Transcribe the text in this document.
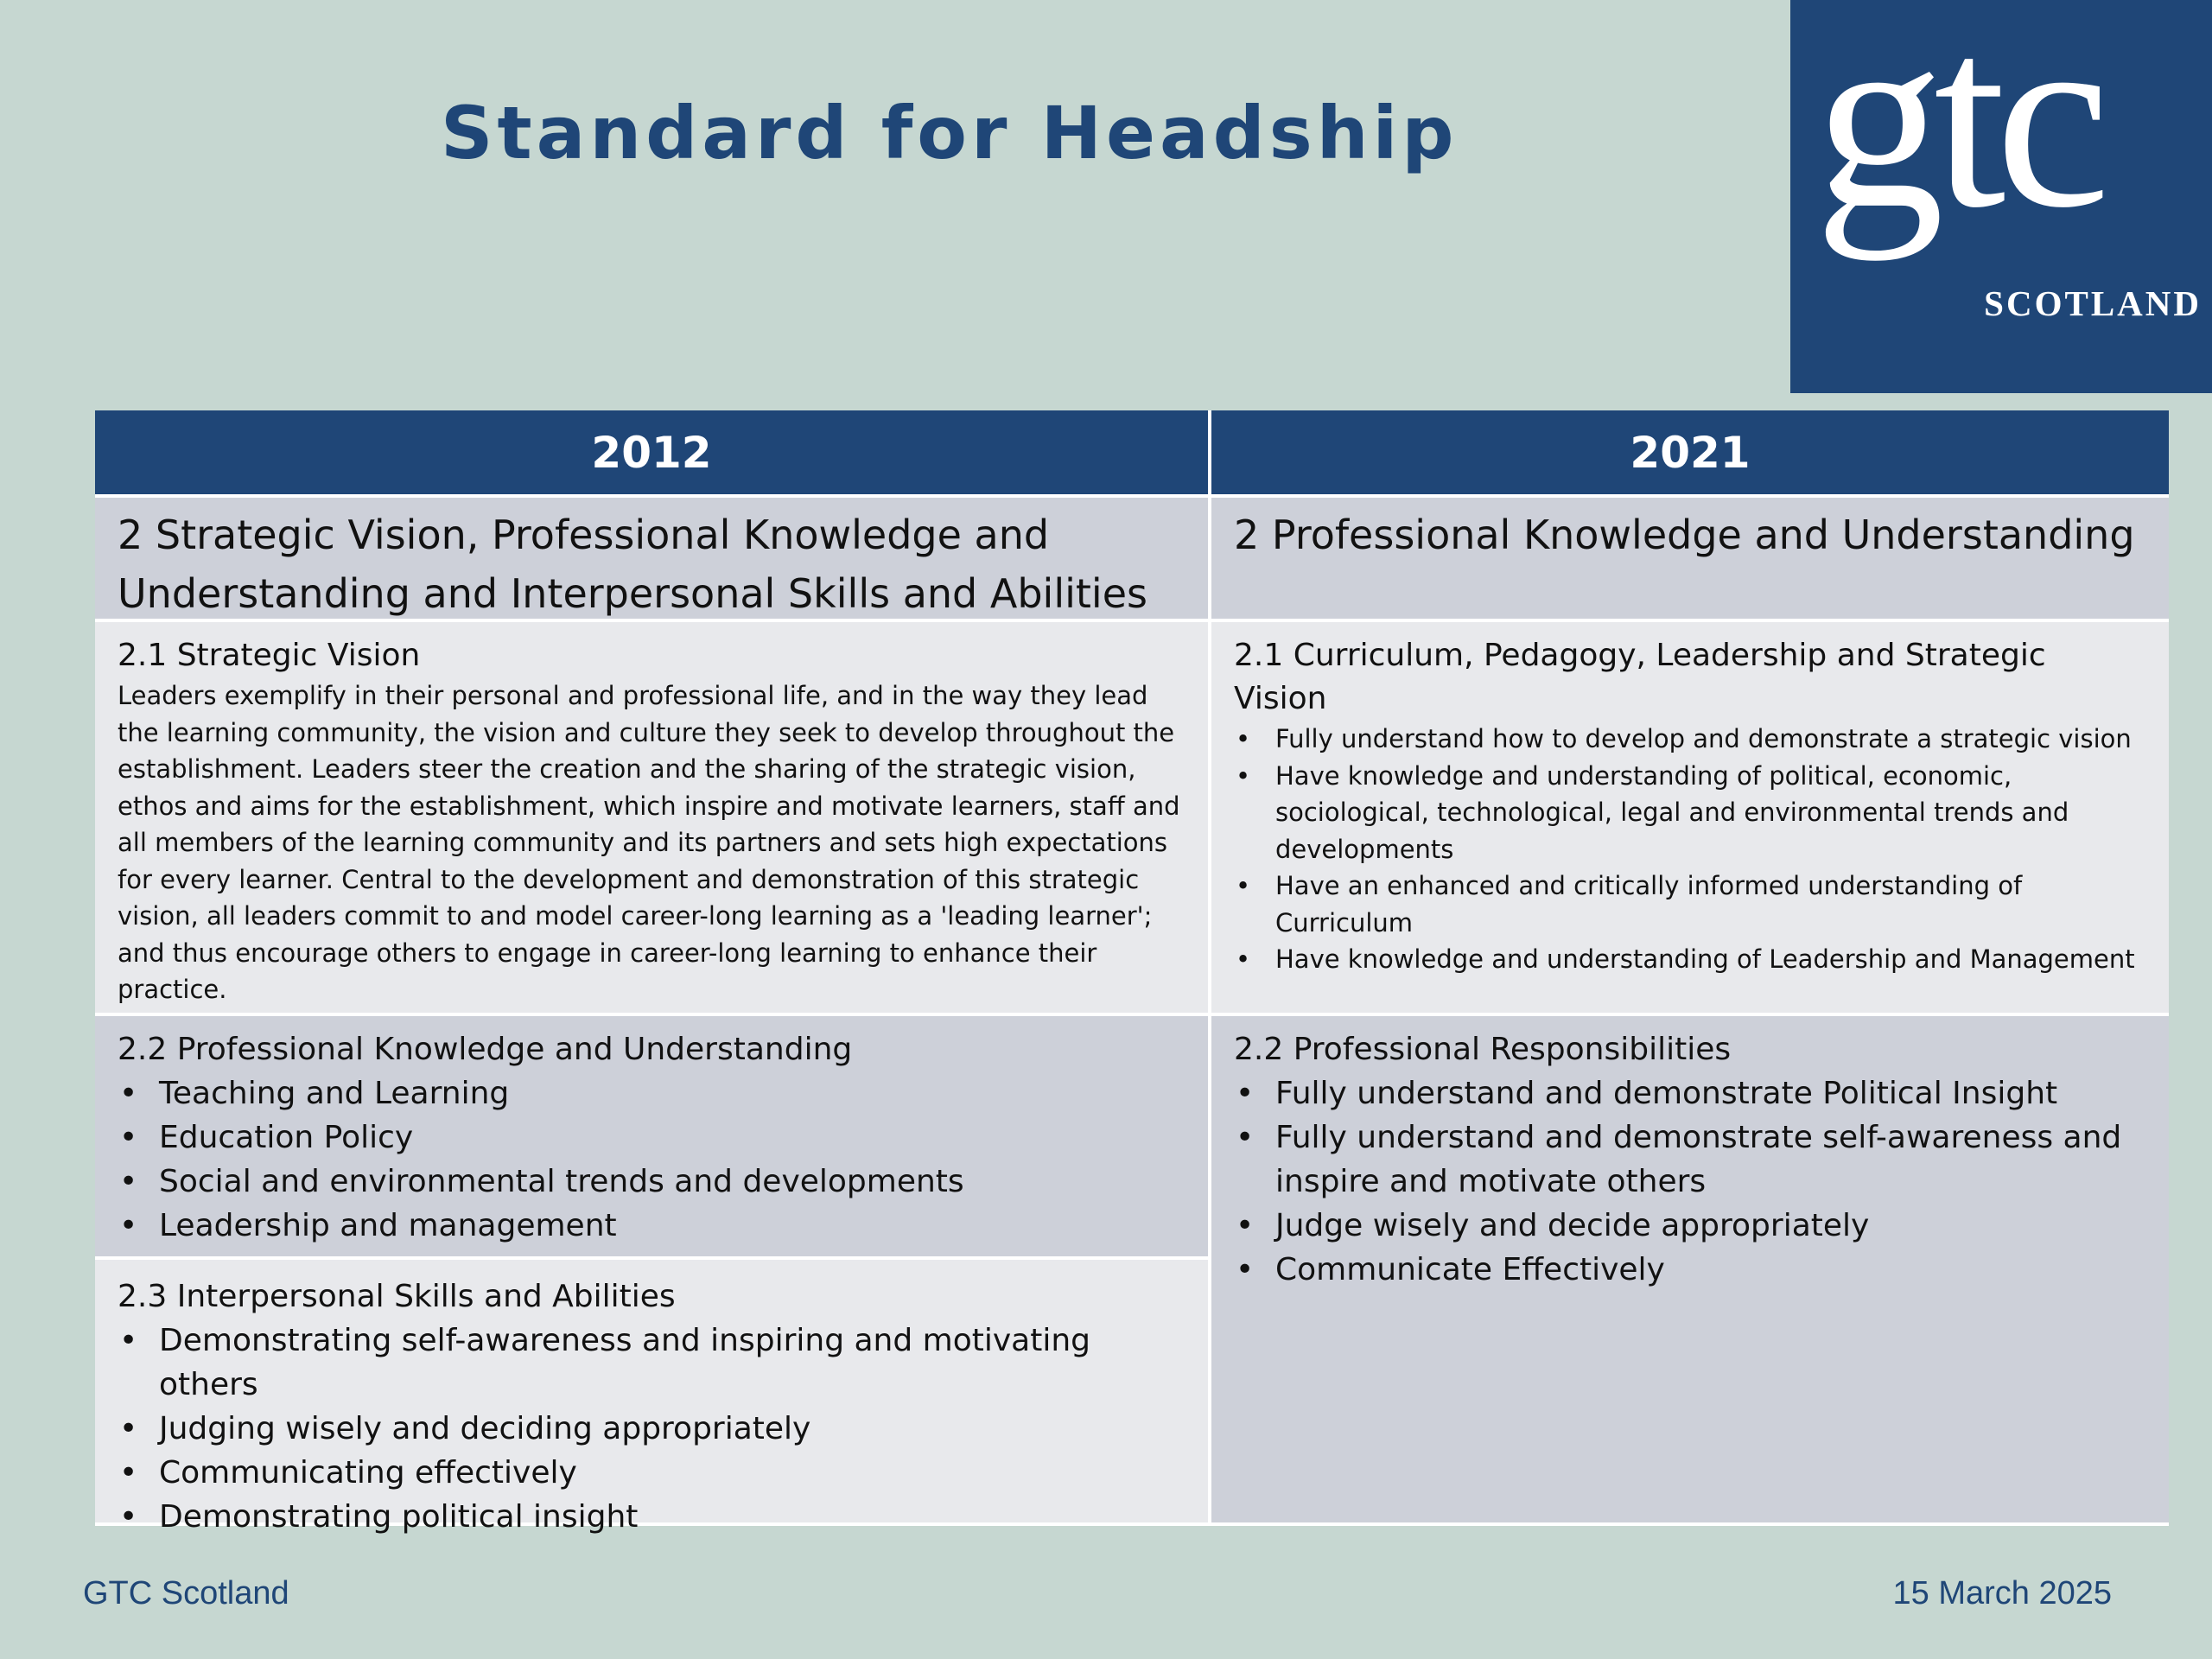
Standard for Headship gtc
SCOTLAND
2012	2021

2 Strategic Vision, Professional Knowledge and Understanding and Interpersonal Skills and Abilities

2 Professional Knowledge and Understanding

2.1 Strategic Vision

Leaders exemplify in their personal and professional life, and in the way they lead the learning community, the vision and culture they seek to develop throughout the establishment. Leaders steer the creation and the sharing of the strategic vision, ethos and aims for the establishment, which inspire and motivate learners, staff and all members of the learning community and its partners and sets high expectations for every learner. Central to the development and demonstration of this strategic vision, all leaders commit to and model career-long learning as a 'leading learner'; and thus encourage others to engage in career-long learning to enhance their practice.

2.1 Curriculum, Pedagogy, Leadership and Strategic Vision

• Fully understand how to develop and demonstrate a strategic vision
• Have knowledge and understanding of political, economic, sociological, technological, legal and environmental trends and developments
• Have an enhanced and critically informed understanding of Curriculum
• Have knowledge and understanding of Leadership and Management

2.2 Professional Knowledge and Understanding

• Teaching and Learning
• Education Policy
• Social and environmental trends and developments
• Leadership and management

2.3 Interpersonal Skills and Abilities

• Demonstrating self-awareness and inspiring and motivating others
• Judging wisely and deciding appropriately
• Communicating effectively
• Demonstrating political insight

2.2 Professional Responsibilities

• Fully understand and demonstrate Political Insight
• Fully understand and demonstrate self-awareness and inspire and motivate others
• Judge wisely and decide appropriately
• Communicate Effectively
GTC Scotland	15 March 2025
